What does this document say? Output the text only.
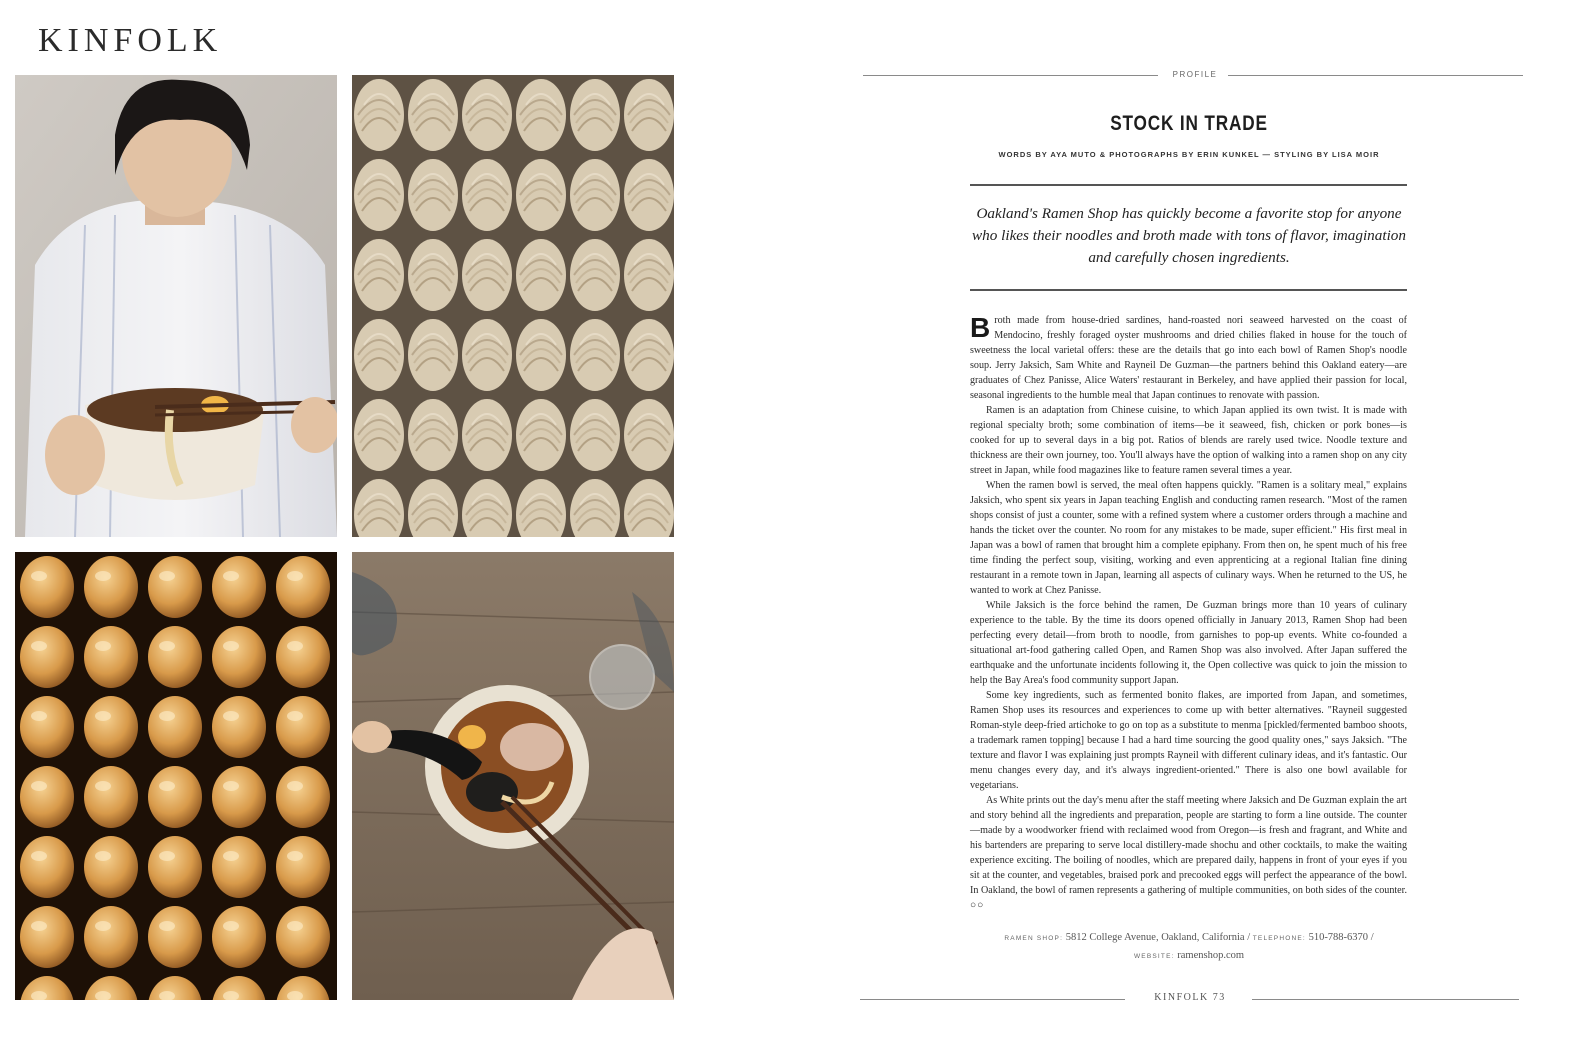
KINFOLK
PROFILE
STOCK IN TRADE
WORDS BY AYA MUTO & PHOTOGRAPHS BY ERIN KUNKEL — STYLING BY LISA MOIR
Oakland's Ramen Shop has quickly become a favorite stop for anyone who likes their noodles and broth made with tons of flavor, imagination and carefully chosen ingredients.

Broth made from house-dried sardines, hand-roasted nori seaweed harvested on the coast of Mendocino, freshly foraged oyster mushrooms and dried chilies flaked in house for the touch of sweetness the local varietal offers: these are the details that go into each bowl of Ramen Shop's noodle soup. Jerry Jaksich, Sam White and Rayneil De Guzman—the partners behind this Oakland eatery—are graduates of Chez Panisse, Alice Waters' restaurant in Berkeley, and have applied their passion for local, seasonal ingredients to the humble meal that Japan continues to renovate with passion.

Ramen is an adaptation from Chinese cuisine, to which Japan applied its own twist. It is made with regional specialty broth; some combination of items—be it seaweed, fish, chicken or pork bones—is cooked for up to several days in a big pot. Ratios of blends are rarely used twice. Noodle texture and thickness are their own journey, too. You'll always have the option of walking into a ramen shop on any city street in Japan, while food magazines like to feature ramen several times a year.

When the ramen bowl is served, the meal often happens quickly. "Ramen is a solitary meal," explains Jaksich, who spent six years in Japan teaching English and conducting ramen research. "Most of the ramen shops consist of just a counter, some with a refined system where a customer orders through a machine and hands the ticket over the counter. No room for any mistakes to be made, super efficient." His first meal in Japan was a bowl of ramen that brought him a complete epiphany. From then on, he spent much of his free time finding the perfect soup, visiting, working and even apprenticing at a regional Italian fine dining restaurant in a remote town in Japan, learning all aspects of culinary ways. When he returned to the US, he wanted to work at Chez Panisse.

While Jaksich is the force behind the ramen, De Guzman brings more than 10 years of culinary experience to the table. By the time its doors opened officially in January 2013, Ramen Shop had been perfecting every detail—from broth to noodle, from garnishes to pop-up events. White co-founded a situational art-food gathering called Open, and Ramen Shop was also involved. After Japan suffered the earthquake and the unfortunate incidents following it, the Open collective was quick to join the mission to help the Bay Area's food community support Japan.

Some key ingredients, such as fermented bonito flakes, are imported from Japan, and sometimes, Ramen Shop uses its resources and experiences to come up with better alternatives. "Rayneil suggested Roman-style deep-fried artichoke to go on top as a substitute to menma [pickled/fermented bamboo shoots, a trademark ramen topping] because I had a hard time sourcing the good quality ones," says Jaksich. "The texture and flavor I was explaining just prompts Rayneil with different culinary ideas, and it's fantastic. Our menu changes every day, and it's always ingredient-oriented." There is also one bowl available for vegetarians.

As White prints out the day's menu after the staff meeting where Jaksich and De Guzman explain the art and story behind all the ingredients and preparation, people are starting to form a line outside. The counter—made by a woodworker friend with reclaimed wood from Oregon—is fresh and fragrant, and White and his bartenders are preparing to serve local distillery-made shochu and other cocktails, to make the waiting experience exciting. The boiling of noodles, which are prepared daily, happens in front of your eyes if you sit at the counter, and vegetables, braised pork and precooked eggs will perfect the appearance of the bowl. In Oakland, the bowl of ramen represents a gathering of multiple communities, on both sides of the counter. ○○

RAMEN SHOP: 5812 College Avenue, Oakland, California / TELEPHONE: 510-788-6370 /
WEBSITE: ramenshop.com
KINFOLK 73
